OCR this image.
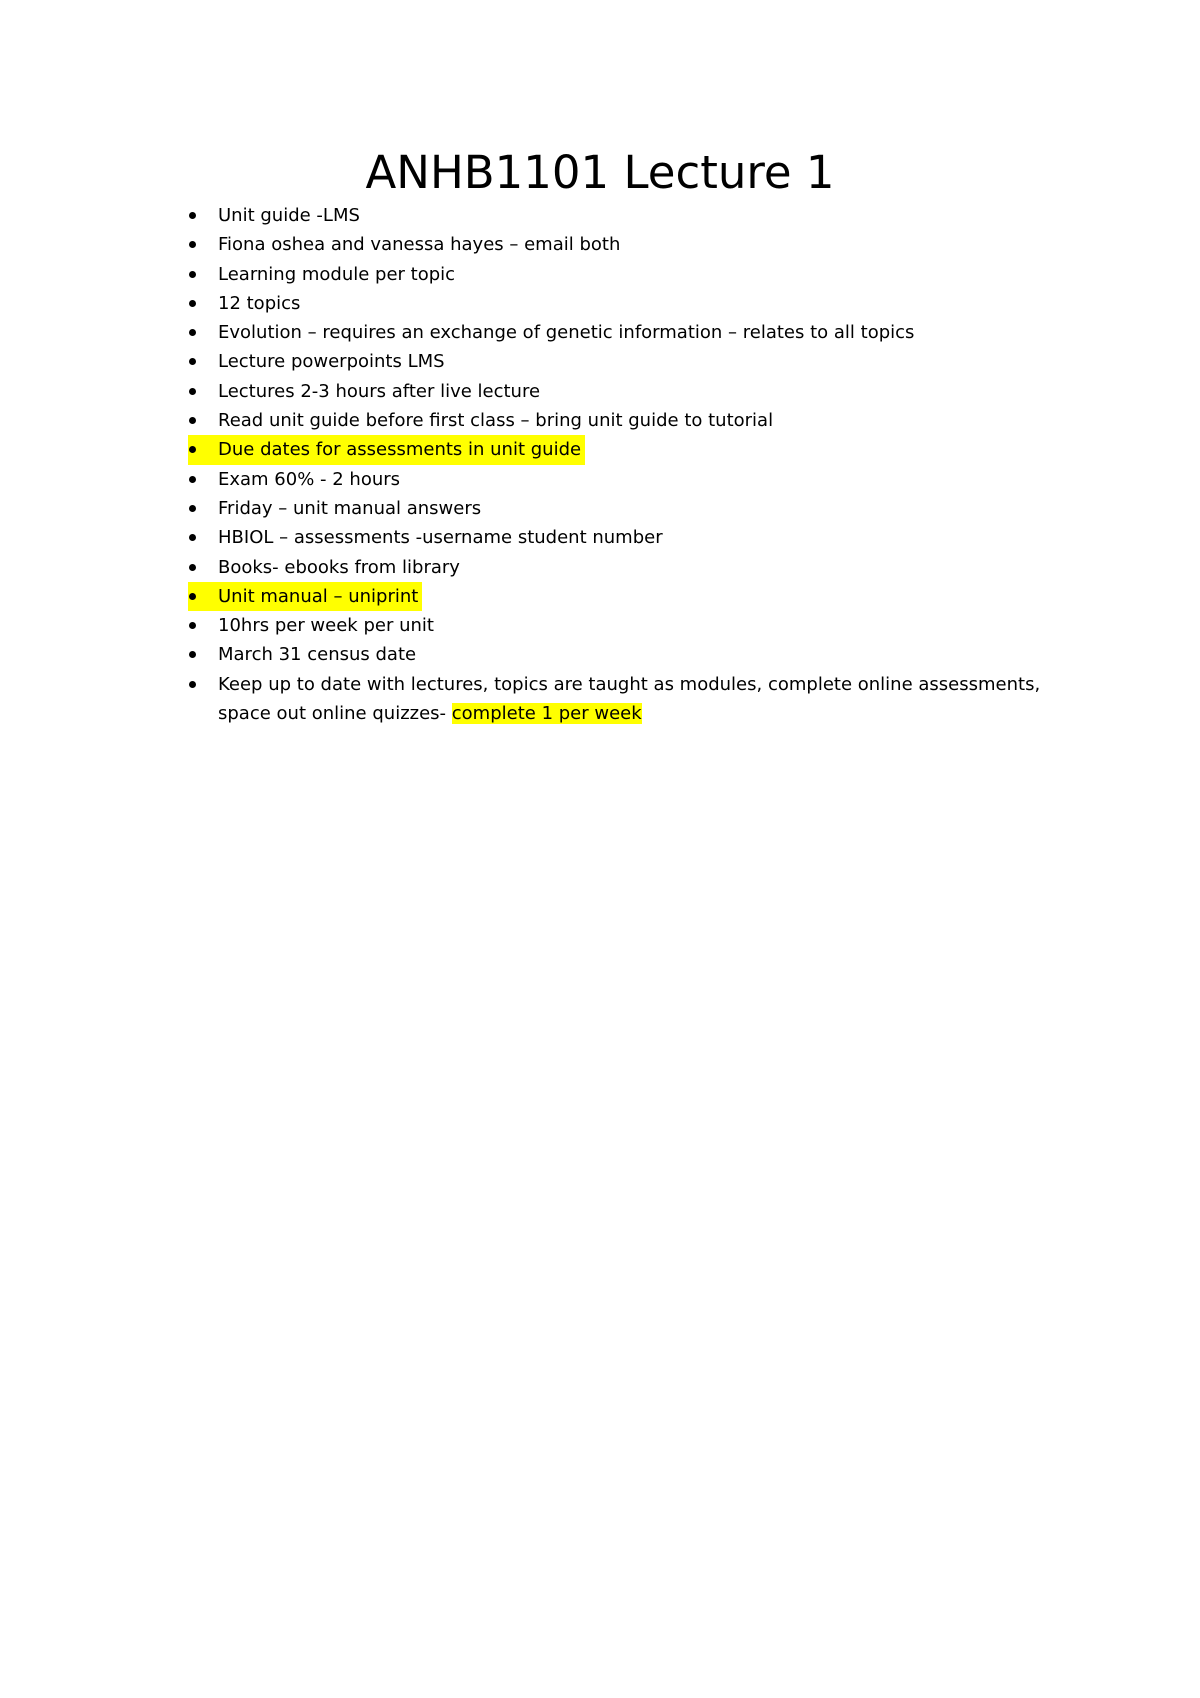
ANHB1101 Lecture 1
Unit guide -LMS
Fiona oshea and vanessa hayes – email both
Learning module per topic
12 topics
Evolution – requires an exchange of genetic information – relates to all topics
Lecture powerpoints LMS
Lectures 2-3 hours after live lecture
Read unit guide before first class – bring unit guide to tutorial
Due dates for assessments in unit guide
Exam 60% - 2 hours
Friday – unit manual answers
HBIOL – assessments -username student number
Books- ebooks from library
Unit manual – uniprint
10hrs per week per unit
March 31 census date
Keep up to date with lectures, topics are taught as modules, complete online assessments, space out online quizzes- complete 1 per week
